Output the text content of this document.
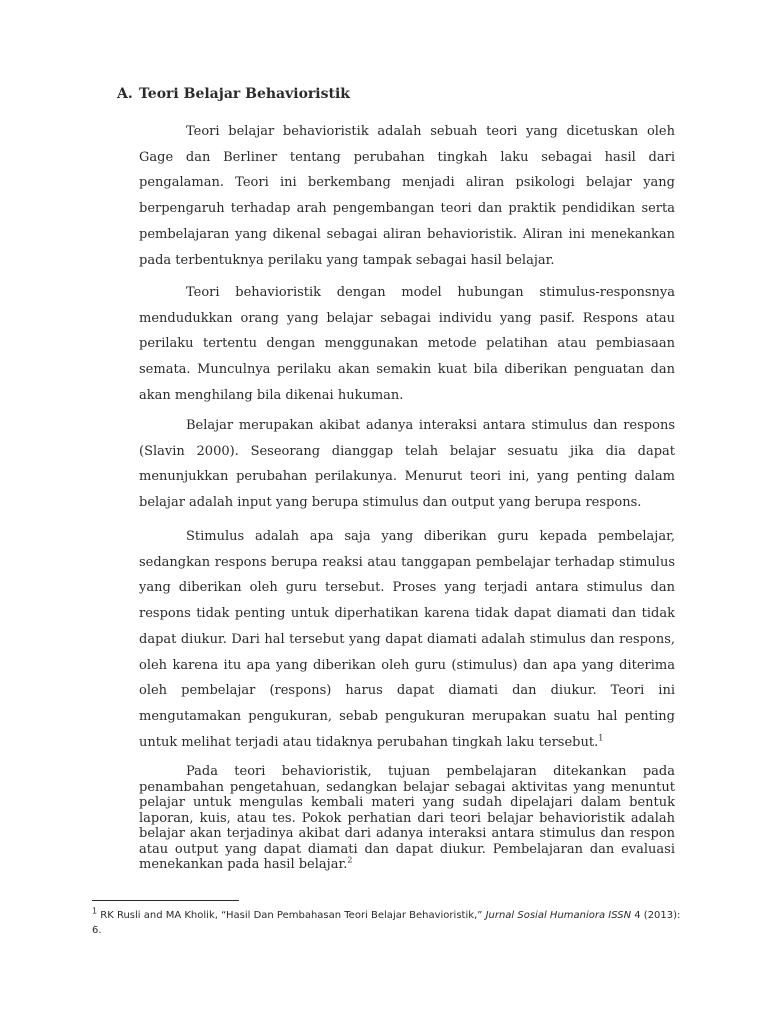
A. Teori Belajar Behavioristik

Teori belajar behavioristik adalah sebuah teori yang dicetuskan oleh Gage dan Berliner tentang perubahan tingkah laku sebagai hasil dari pengalaman. Teori ini berkembang menjadi aliran psikologi belajar yang berpengaruh terhadap arah pengembangan teori dan praktik pendidikan serta pembelajaran yang dikenal sebagai aliran behavioristik. Aliran ini menekankan pada terbentuknya perilaku yang tampak sebagai hasil belajar.

Teori behavioristik dengan model hubungan stimulus-responsnya mendudukkan orang yang belajar sebagai individu yang pasif. Respons atau perilaku tertentu dengan menggunakan metode pelatihan atau pembiasaan semata. Munculnya perilaku akan semakin kuat bila diberikan penguatan dan akan menghilang bila dikenai hukuman.

Belajar merupakan akibat adanya interaksi antara stimulus dan respons (Slavin 2000). Seseorang dianggap telah belajar sesuatu jika dia dapat menunjukkan perubahan perilakunya. Menurut teori ini, yang penting dalam belajar adalah input yang berupa stimulus dan output yang berupa respons.

Stimulus adalah apa saja yang diberikan guru kepada pembelajar, sedangkan respons berupa reaksi atau tanggapan pembelajar terhadap stimulus yang diberikan oleh guru tersebut. Proses yang terjadi antara stimulus dan respons tidak penting untuk diperhatikan karena tidak dapat diamati dan tidak dapat diukur. Dari hal tersebut yang dapat diamati adalah stimulus dan respons, oleh karena itu apa yang diberikan oleh guru (stimulus) dan apa yang diterima oleh pembelajar (respons) harus dapat diamati dan diukur. Teori ini mengutamakan pengukuran, sebab pengukuran merupakan suatu hal penting untuk melihat terjadi atau tidaknya perubahan tingkah laku tersebut.$^1$

Pada teori behavioristik, tujuan pembelajaran ditekankan pada penambahan pengetahuan, sedangkan belajar sebagai aktivitas yang menuntut pelajar untuk mengulas kembali materi yang sudah dipelajari dalam bentuk laporan, kuis, atau tes. Pokok perhatian dari teori belajar behavioristik adalah belajar akan terjadinya akibat dari adanya interaksi antara stimulus dan respon atau output yang dapat diamati dan dapat diukur. Pembelajaran dan evaluasi menekankan pada hasil belajar.$^2$

$^1$ RK Rusli and MA Kholik, “Hasil Dan Pembahasan Teori Belajar Behavioristik,” Jurnal Sosial Humaniora ISSN 4 (2013): 6.
